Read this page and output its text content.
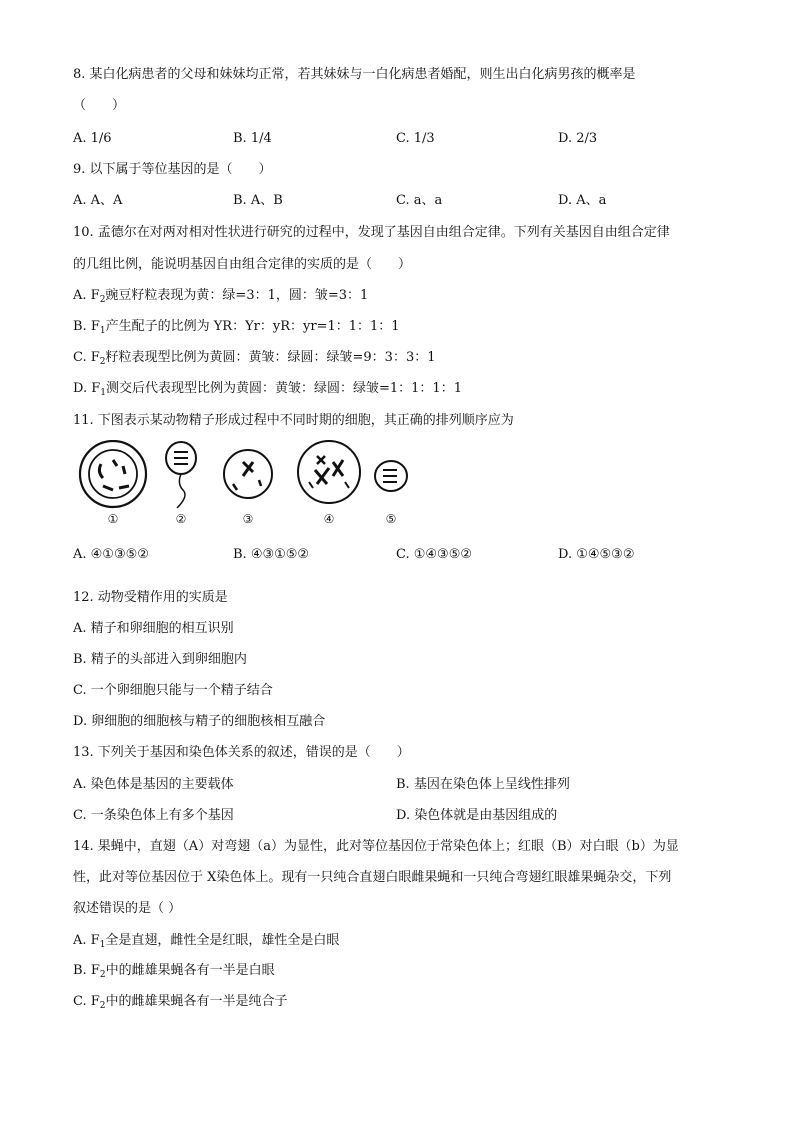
8. 某白化病患者的父母和妹妹均正常，若其妹妹与一白化病患者婚配，则生出白化病男孩的概率是
（　　）
A. 1/6	B. 1/4	C. 1/3	D. 2/3
9. 以下属于等位基因的是（　　）
A. A、A	B. A、B	C. a、a	D. A、a
10. 孟德尔在对两对相对性状进行研究的过程中，发现了基因自由组合定律。下列有关基因自由组合定律
的几组比例，能说明基因自由组合定律的实质的是（　　）
A. $F_2$豌豆籽粒表现为黄：绿=3：1，圆：皱=3：1
B. $F_1$产生配子的比例为 YR：Yr：yR：yr=1：1：1：1
C. $F_2$籽粒表现型比例为黄圆：黄皱：绿圆：绿皱=9：3：3：1
D. $F_1$测交后代表现型比例为黄圆：黄皱：绿圆：绿皱=1：1：1：1
11. 下图表示某动物精子形成过程中不同时期的细胞，其正确的排列顺序应为
①	②	③	④	⑤
A. ④①③⑤②	B. ④③①⑤②	C. ①④③⑤②	D. ①④⑤③②
12. 动物受精作用的实质是
A. 精子和卵细胞的相互识别
B. 精子的头部进入到卵细胞内
C. 一个卵细胞只能与一个精子结合
D. 卵细胞的细胞核与精子的细胞核相互融合
13. 下列关于基因和染色体关系的叙述，错误的是（　　）
A. 染色体是基因的主要载体	B. 基因在染色体上呈线性排列
C. 一条染色体上有多个基因	D. 染色体就是由基因组成的
14. 果蝇中，直翅（A）对弯翅（a）为显性，此对等位基因位于常染色体上；红眼（B）对白眼（b）为显
性，此对等位基因位于 X染色体上。现有一只纯合直翅白眼雌果蝇和一只纯合弯翅红眼雄果蝇杂交，下列
叙述错误的是（ ）
A. $F_1$全是直翅，雌性全是红眼，雄性全是白眼
B. $F_2$中的雌雄果蝇各有一半是白眼
C. $F_2$中的雌雄果蝇各有一半是纯合子
